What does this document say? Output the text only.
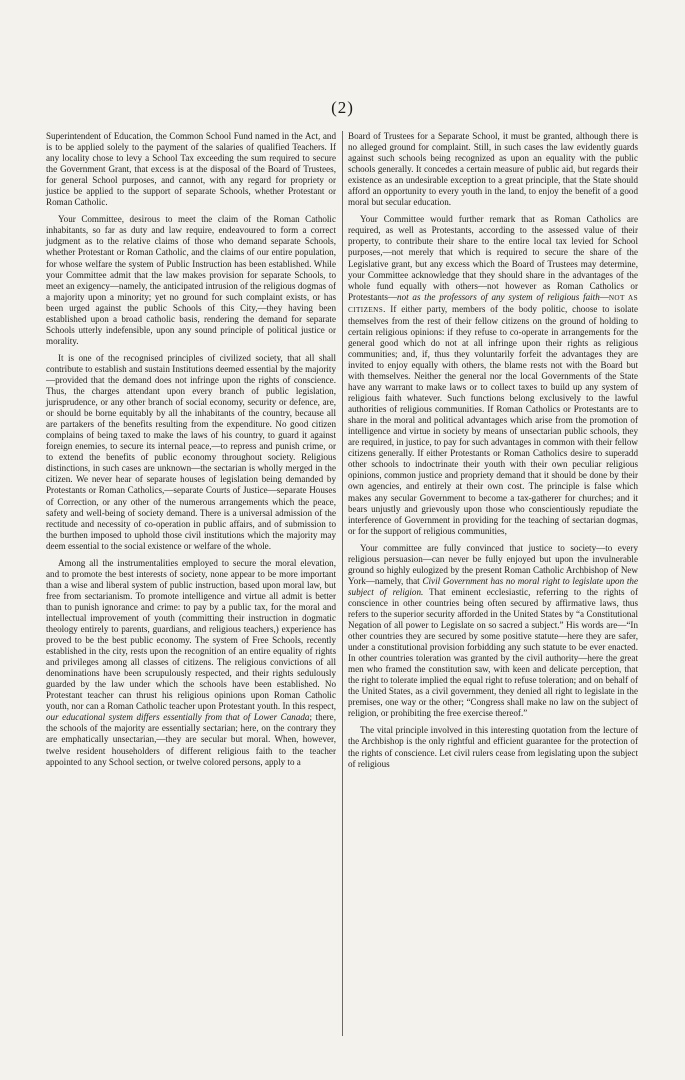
(2)

Superintendent of Education, the Common School Fund named in the Act, and is to be applied solely to the payment of the salaries of qualified Teachers. If any locality chose to levy a School Tax exceeding the sum required to secure the Government Grant, that excess is at the disposal of the Board of Trustees, for general School purposes, and cannot, with any regard for propriety or justice be applied to the support of separate Schools, whether Protestant or Roman Catholic.

Your Committee, desirous to meet the claim of the Roman Catholic inhabitants, so far as duty and law require, endeavoured to form a correct judgment as to the relative claims of those who demand separate Schools, whether Protestant or Roman Catholic, and the claims of our entire population, for whose welfare the system of Public Instruction has been established. While your Committee admit that the law makes provision for separate Schools, to meet an exigency—namely, the anticipated intrusion of the religious dogmas of a majority upon a minority; yet no ground for such complaint exists, or has been urged against the public Schools of this City,—they having been established upon a broad catholic basis, rendering the demand for separate Schools utterly indefensible, upon any sound principle of political justice or morality.

It is one of the recognised principles of civilized society, that all shall contribute to establish and sustain Institutions deemed essential by the majority—provided that the demand does not infringe upon the rights of conscience. Thus, the charges attendant upon every branch of public legislation, jurisprudence, or any other branch of social economy, security or defence, are, or should be borne equitably by all the inhabitants of the country, because all are partakers of the benefits resulting from the expenditure. No good citizen complains of being taxed to make the laws of his country, to guard it against foreign enemies, to secure its internal peace,—to repress and punish crime, or to extend the benefits of public economy throughout society. Religious distinctions, in such cases are unknown—the sectarian is wholly merged in the citizen. We never hear of separate houses of legislation being demanded by Protestants or Roman Catholics,—separate Courts of Justice—separate Houses of Correction, or any other of the numerous arrangements which the peace, safety and well-being of society demand. There is a universal admission of the rectitude and necessity of co-operation in public affairs, and of submission to the burthen imposed to uphold those civil institutions which the majority may deem essential to the social existence or welfare of the whole.

Among all the instrumentalities employed to secure the moral elevation, and to promote the best interests of society, none appear to be more important than a wise and liberal system of public instruction, based upon moral law, but free from sectarianism. To promote intelligence and virtue all admit is better than to punish ignorance and crime: to pay by a public tax, for the moral and intellectual improvement of youth (committing their instruction in dogmatic theology entirely to parents, guardians, and religious teachers,) experience has proved to be the best public economy. The system of Free Schools, recently established in the city, rests upon the recognition of an entire equality of rights and privileges among all classes of citizens. The religious convictions of all denominations have been scrupulously respected, and their rights sedulously guarded by the law under which the schools have been established. No Protestant teacher can thrust his religious opinions upon Roman Catholic youth, nor can a Roman Catholic teacher upon Protestant youth. In this respect, our educational system differs essentially from that of Lower Canada; there, the schools of the majority are essentially sectarian; here, on the contrary they are emphatically unsectarian,—they are secular but moral. When, however, twelve resident householders of different religious faith to the teacher appointed to any School section, or twelve colored persons, apply to a

Board of Trustees for a Separate School, it must be granted, although there is no alleged ground for complaint. Still, in such cases the law evidently guards against such schools being recognized as upon an equality with the public schools generally. It concedes a certain measure of public aid, but regards their existence as an undesirable exception to a great principle, that the State should afford an opportunity to every youth in the land, to enjoy the benefit of a good moral but secular education.

Your Committee would further remark that as Roman Catholics are required, as well as Protestants, according to the assessed value of their property, to contribute their share to the entire local tax levied for School purposes,—not merely that which is required to secure the share of the Legislative grant, but any excess which the Board of Trustees may determine, your Committee acknowledge that they should share in the advantages of the whole fund equally with others—not however as Roman Catholics or Protestants—not as the professors of any system of religious faith—NOT AS CITIZENS. If either party, members of the body politic, choose to isolate themselves from the rest of their fellow citizens on the ground of holding to certain religious opinions: if they refuse to co-operate in arrangements for the general good which do not at all infringe upon their rights as religious communities; and, if, thus they voluntarily forfeit the advantages they are invited to enjoy equally with others, the blame rests not with the Board but with themselves. Neither the general nor the local Governments of the State have any warrant to make laws or to collect taxes to build up any system of religious faith whatever. Such functions belong exclusively to the lawful authorities of religious communities. If Roman Catholics or Protestants are to share in the moral and political advantages which arise from the promotion of intelligence and virtue in society by means of unsectarian public schools, they are required, in justice, to pay for such advantages in common with their fellow citizens generally. If either Protestants or Roman Catholics desire to superadd other schools to indoctrinate their youth with their own peculiar religious opinions, common justice and propriety demand that it should be done by their own agencies, and entirely at their own cost. The principle is false which makes any secular Government to become a tax-gatherer for churches; and it bears unjustly and grievously upon those who conscientiously repudiate the interference of Government in providing for the teaching of sectarian dogmas, or for the support of religious communities,

Your committee are fully convinced that justice to society—to every religious persuasion—can never be fully enjoyed but upon the invulnerable ground so highly eulogized by the present Roman Catholic Archbishop of New York—namely, that Civil Government has no moral right to legislate upon the subject of religion. That eminent ecclesiastic, referring to the rights of conscience in other countries being often secured by affirmative laws, thus refers to the superior security afforded in the United States by “a Constitutional Negation of all power to Legislate on so sacred a subject.” His words are—“In other countries they are secured by some positive statute—here they are safer, under a constitutional provision forbidding any such statute to be ever enacted. In other countries toleration was granted by the civil authority—here the great men who framed the constitution saw, with keen and delicate perception, that the right to tolerate implied the equal right to refuse toleration; and on behalf of the United States, as a civil government, they denied all right to legislate in the premises, one way or the other; “Congress shall make no law on the subject of religion, or prohibiting the free exercise thereof.”

The vital principle involved in this interesting quotation from the lecture of the Archbishop is the only rightful and efficient guarantee for the protection of the rights of conscience. Let civil rulers cease from legislating upon the subject of religious
